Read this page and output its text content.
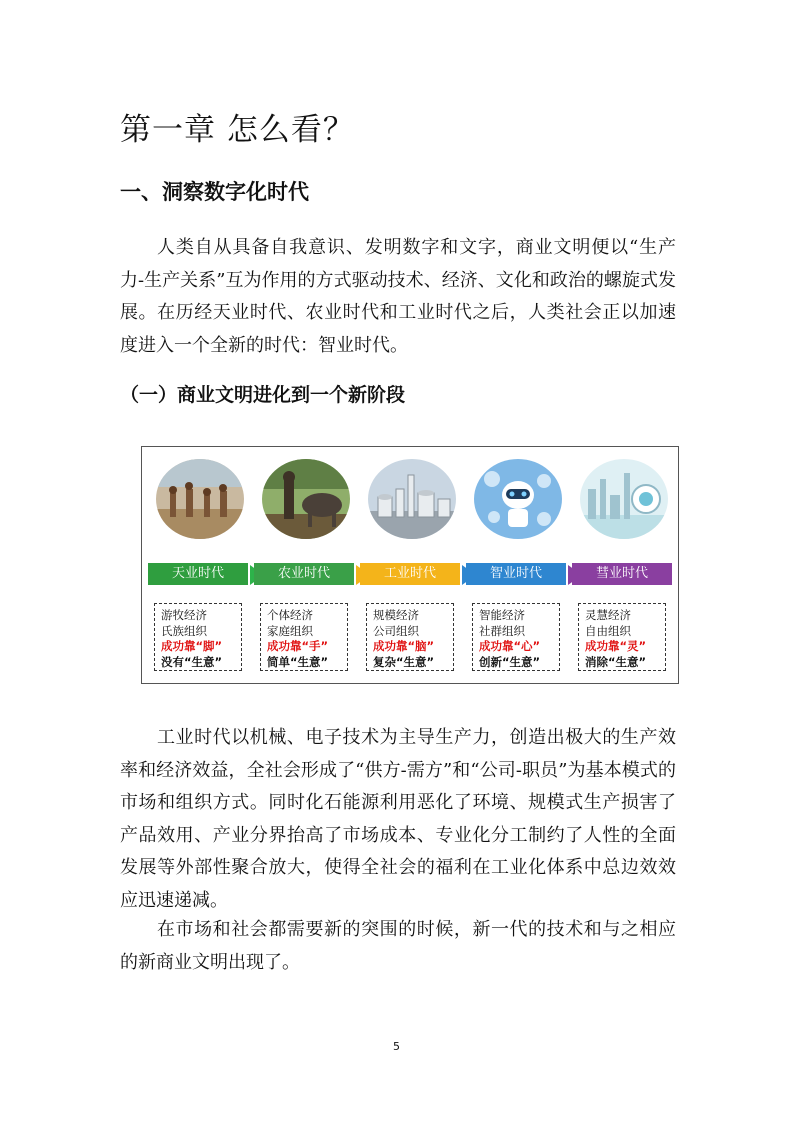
第一章 怎么看？
一、洞察数字化时代

人类自从具备自我意识、发明数字和文字，商业文明便以“生产力-生产关系”互为作用的方式驱动技术、经济、文化和政治的螺旋式发展。在历经天业时代、农业时代和工业时代之后，人类社会正以加速度进入一个全新的时代：智业时代。

（一）商业文明进化到一个新阶段
天业时代
游牧经济
氏族组织
成功靠“脚”
没有“生意”
农业时代
个体经济
家庭组织
成功靠“手”
简单“生意”
工业时代
规模经济
公司组织
成功靠“脑”
复杂“生意”
智业时代
智能经济
社群组织
成功靠“心”
创新“生意”
彗业时代
灵慧经济
自由组织
成功靠“灵”
消除“生意”

工业时代以机械、电子技术为主导生产力，创造出极大的生产效率和经济效益，全社会形成了“供方-需方”和“公司-职员”为基本模式的市场和组织方式。同时化石能源利用恶化了环境、规模式生产损害了产品效用、产业分界抬高了市场成本、专业化分工制约了人性的全面发展等外部性聚合放大，使得全社会的福利在工业化体系中总边效效应迅速递减。

在市场和社会都需要新的突围的时候，新一代的技术和与之相应的新商业文明出现了。

5
